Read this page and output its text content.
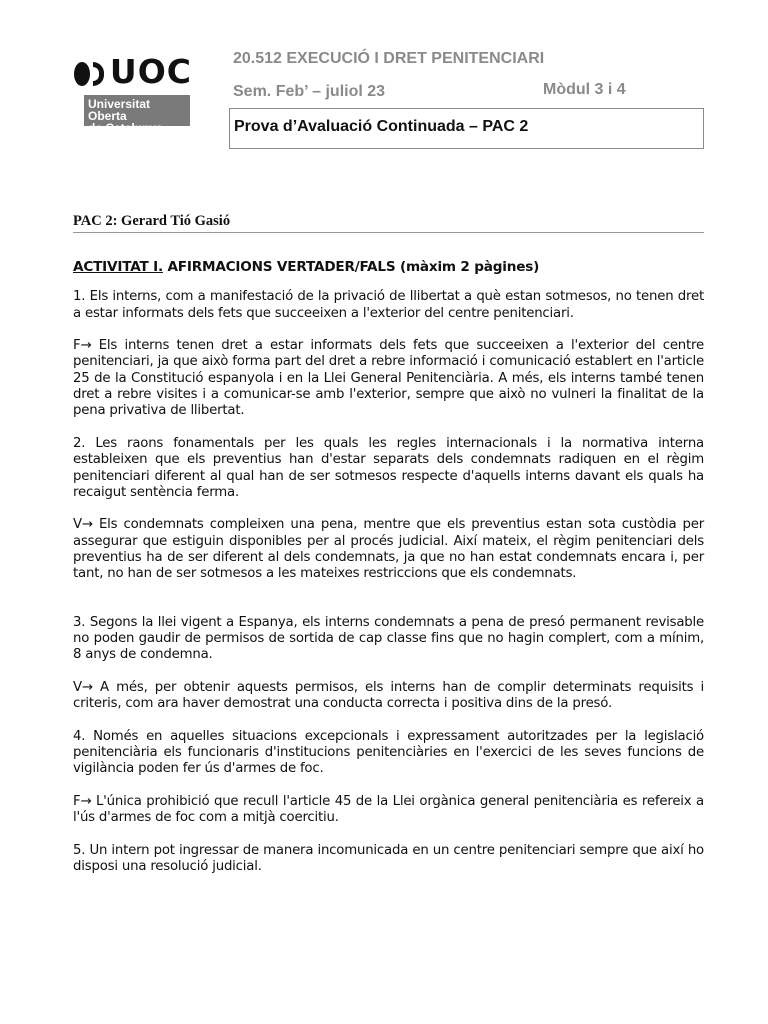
UOC
Universitat Oberta
de Catalunya
20.512 EXECUCIÓ I DRET PENITENCIARI
Sem. Feb’ – juliol 23	Mòdul 3 i 4
Prova d’Avaluació Continuada – PAC 2
PAC 2: Gerard Tió Gasió

ACTIVITAT I. AFIRMACIONS VERTADER/FALS (màxim 2 pàgines)

1. Els interns, com a manifestació de la privació de llibertat a què estan sotmesos, no tenen dret a estar informats dels fets que succeeixen a l'exterior del centre penitenciari.

F→ Els interns tenen dret a estar informats dels fets que succeeixen a l'exterior del centre penitenciari, ja que això forma part del dret a rebre informació i comunicació establert en l'article 25 de la Constitució espanyola i en la Llei General Penitenciària. A més, els interns també tenen dret a rebre visites i a comunicar-se amb l'exterior, sempre que això no vulneri la finalitat de la pena privativa de llibertat.

2. Les raons fonamentals per les quals les regles internacionals i la normativa interna estableixen que els preventius han d'estar separats dels condemnats radiquen en el règim penitenciari diferent al qual han de ser sotmesos respecte d'aquells interns davant els quals ha recaigut sentència ferma.

V→ Els condemnats compleixen una pena, mentre que els preventius estan sota custòdia per assegurar que estiguin disponibles per al procés judicial. Així mateix, el règim penitenciari dels preventius ha de ser diferent al dels condemnats, ja que no han estat condemnats encara i, per tant, no han de ser sotmesos a les mateixes restriccions que els condemnats.

3. Segons la llei vigent a Espanya, els interns condemnats a pena de presó permanent revisable no poden gaudir de permisos de sortida de cap classe fins que no hagin complert, com a mínim, 8 anys de condemna.

V→ A més, per obtenir aquests permisos, els interns han de complir determinats requisits i criteris, com ara haver demostrat una conducta correcta i positiva dins de la presó.

4. Només en aquelles situacions excepcionals i expressament autoritzades per la legislació penitenciària els funcionaris d'institucions penitenciàries en l'exercici de les seves funcions de vigilància poden fer ús d'armes de foc.

F→ L'única prohibició que recull l'article 45 de la Llei orgànica general penitenciària es refereix a l'ús d'armes de foc com a mitjà coercitiu.

5. Un intern pot ingressar de manera incomunicada en un centre penitenciari sempre que així ho disposi una resolució judicial.
